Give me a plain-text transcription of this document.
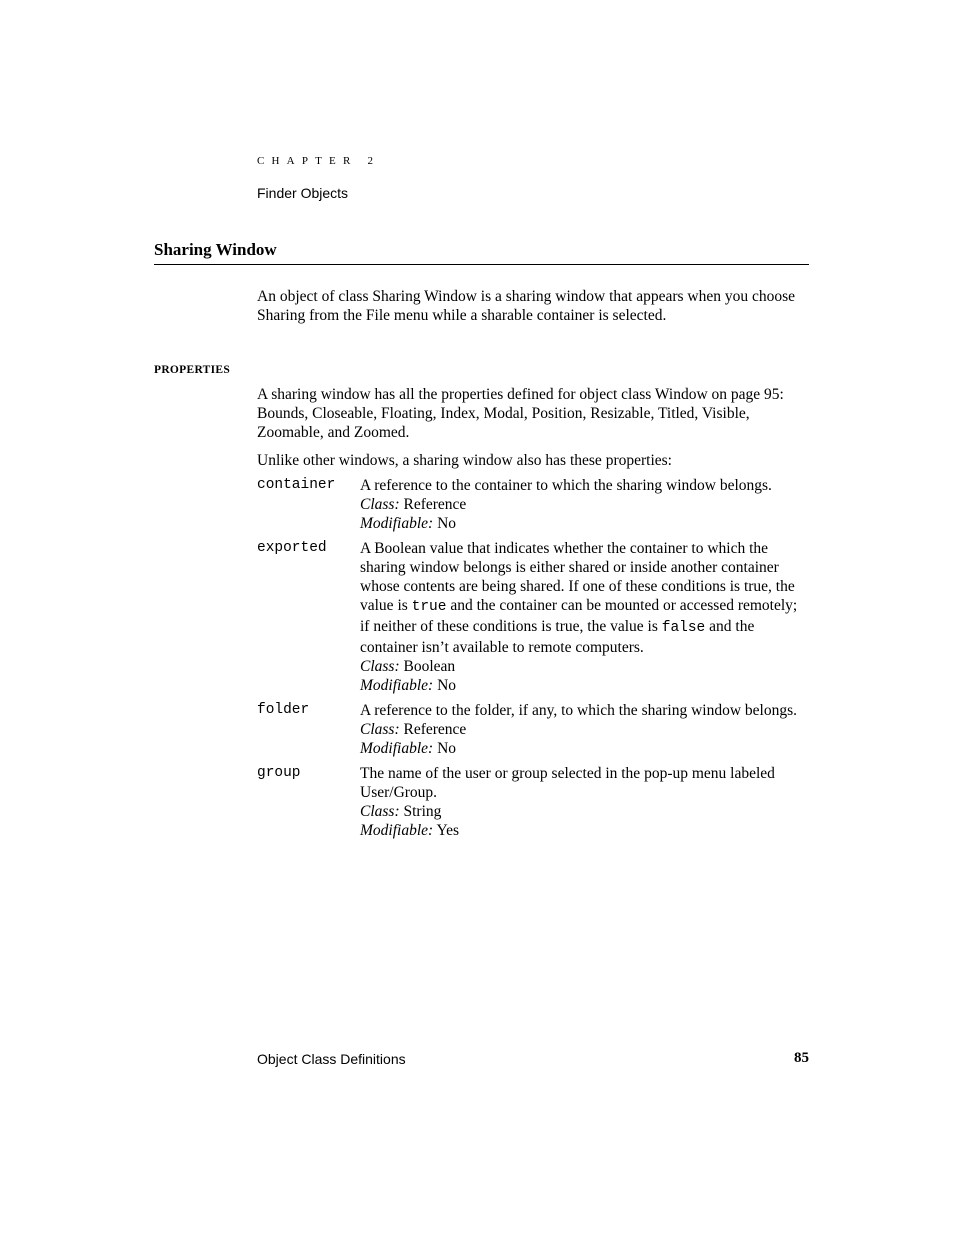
CHAPTER 2
Finder Objects
Sharing Window
An object of class Sharing Window is a sharing window that appears when you choose Sharing from the File menu while a sharable container is selected.
PROPERTIES
A sharing window has all the properties defined for object class Window on page 95: Bounds, Closeable, Floating, Index, Modal, Position, Resizable, Titled, Visible, Zoomable, and Zoomed.
Unlike other windows, a sharing window also has these properties:
container	A reference to the container to which the sharing window belongs.
Class: Reference
Modifiable: No
exported	A Boolean value that indicates whether the container to which the sharing window belongs is either shared or inside another container whose contents are being shared. If one of these conditions is true, the value is true and the container can be mounted or accessed remotely; if neither of these conditions is true, the value is false and the container isn’t available to remote computers.
Class: Boolean
Modifiable: No
folder	A reference to the folder, if any, to which the sharing window belongs.
Class: Reference
Modifiable: No
group	The name of the user or group selected in the pop-up menu labeled User/Group.
Class: String
Modifiable: Yes
Object Class Definitions	85
